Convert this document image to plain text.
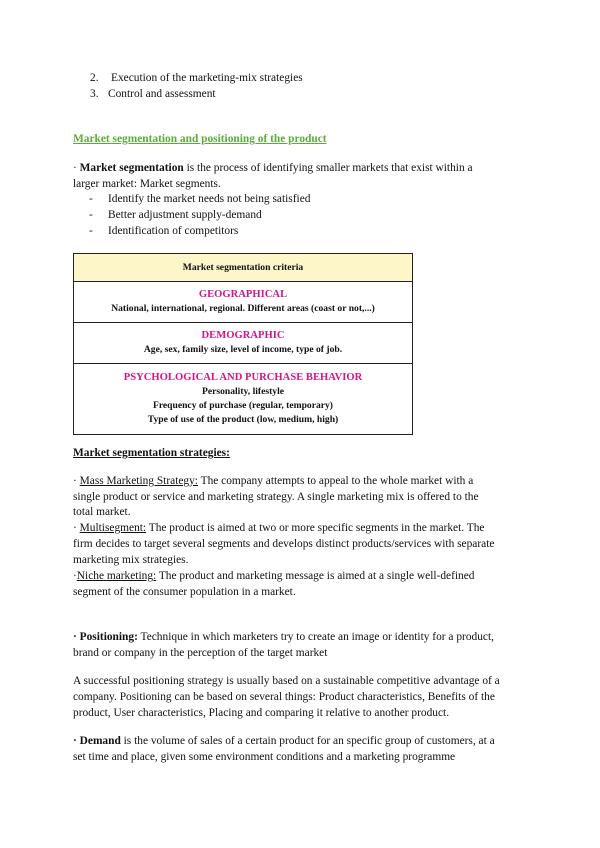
2. Execution of the marketing-mix strategies
3. Control and assessment
Market segmentation and positioning of the product
· Market segmentation is the process of identifying smaller markets that exist within a
larger market: Market segments.
- Identify the market needs not being satisfied
- Better adjustment supply-demand
- Identification of competitors
Market segmentation criteria

GEOGRAPHICAL
National, international, regional. Different areas (coast or not,...)

DEMOGRAPHIC
Age, sex, family size, level of income, type of job.

PSYCHOLOGICAL AND PURCHASE BEHAVIOR
Personality, lifestyle
Frequency of purchase (regular, temporary)
Type of use of the product (low, medium, high)
Market segmentation strategies:
· Mass Marketing Strategy: The company attempts to appeal to the whole market with a
single product or service and marketing strategy. A single marketing mix is offered to the
total market.
· Multisegment: The product is aimed at two or more specific segments in the market. The
firm decides to target several segments and develops distinct products/services with separate
marketing mix strategies.
·Niche marketing: The product and marketing message is aimed at a single well-defined
segment of the consumer population in a market.
· Positioning: Technique in which marketers try to create an image or identity for a product,
brand or company in the perception of the target market
A successful positioning strategy is usually based on a sustainable competitive advantage of a
company. Positioning can be based on several things: Product characteristics, Benefits of the
product, User characteristics, Placing and comparing it relative to another product.
· Demand is the volume of sales of a certain product for an specific group of customers, at a
set time and place, given some environment conditions and a marketing programme
